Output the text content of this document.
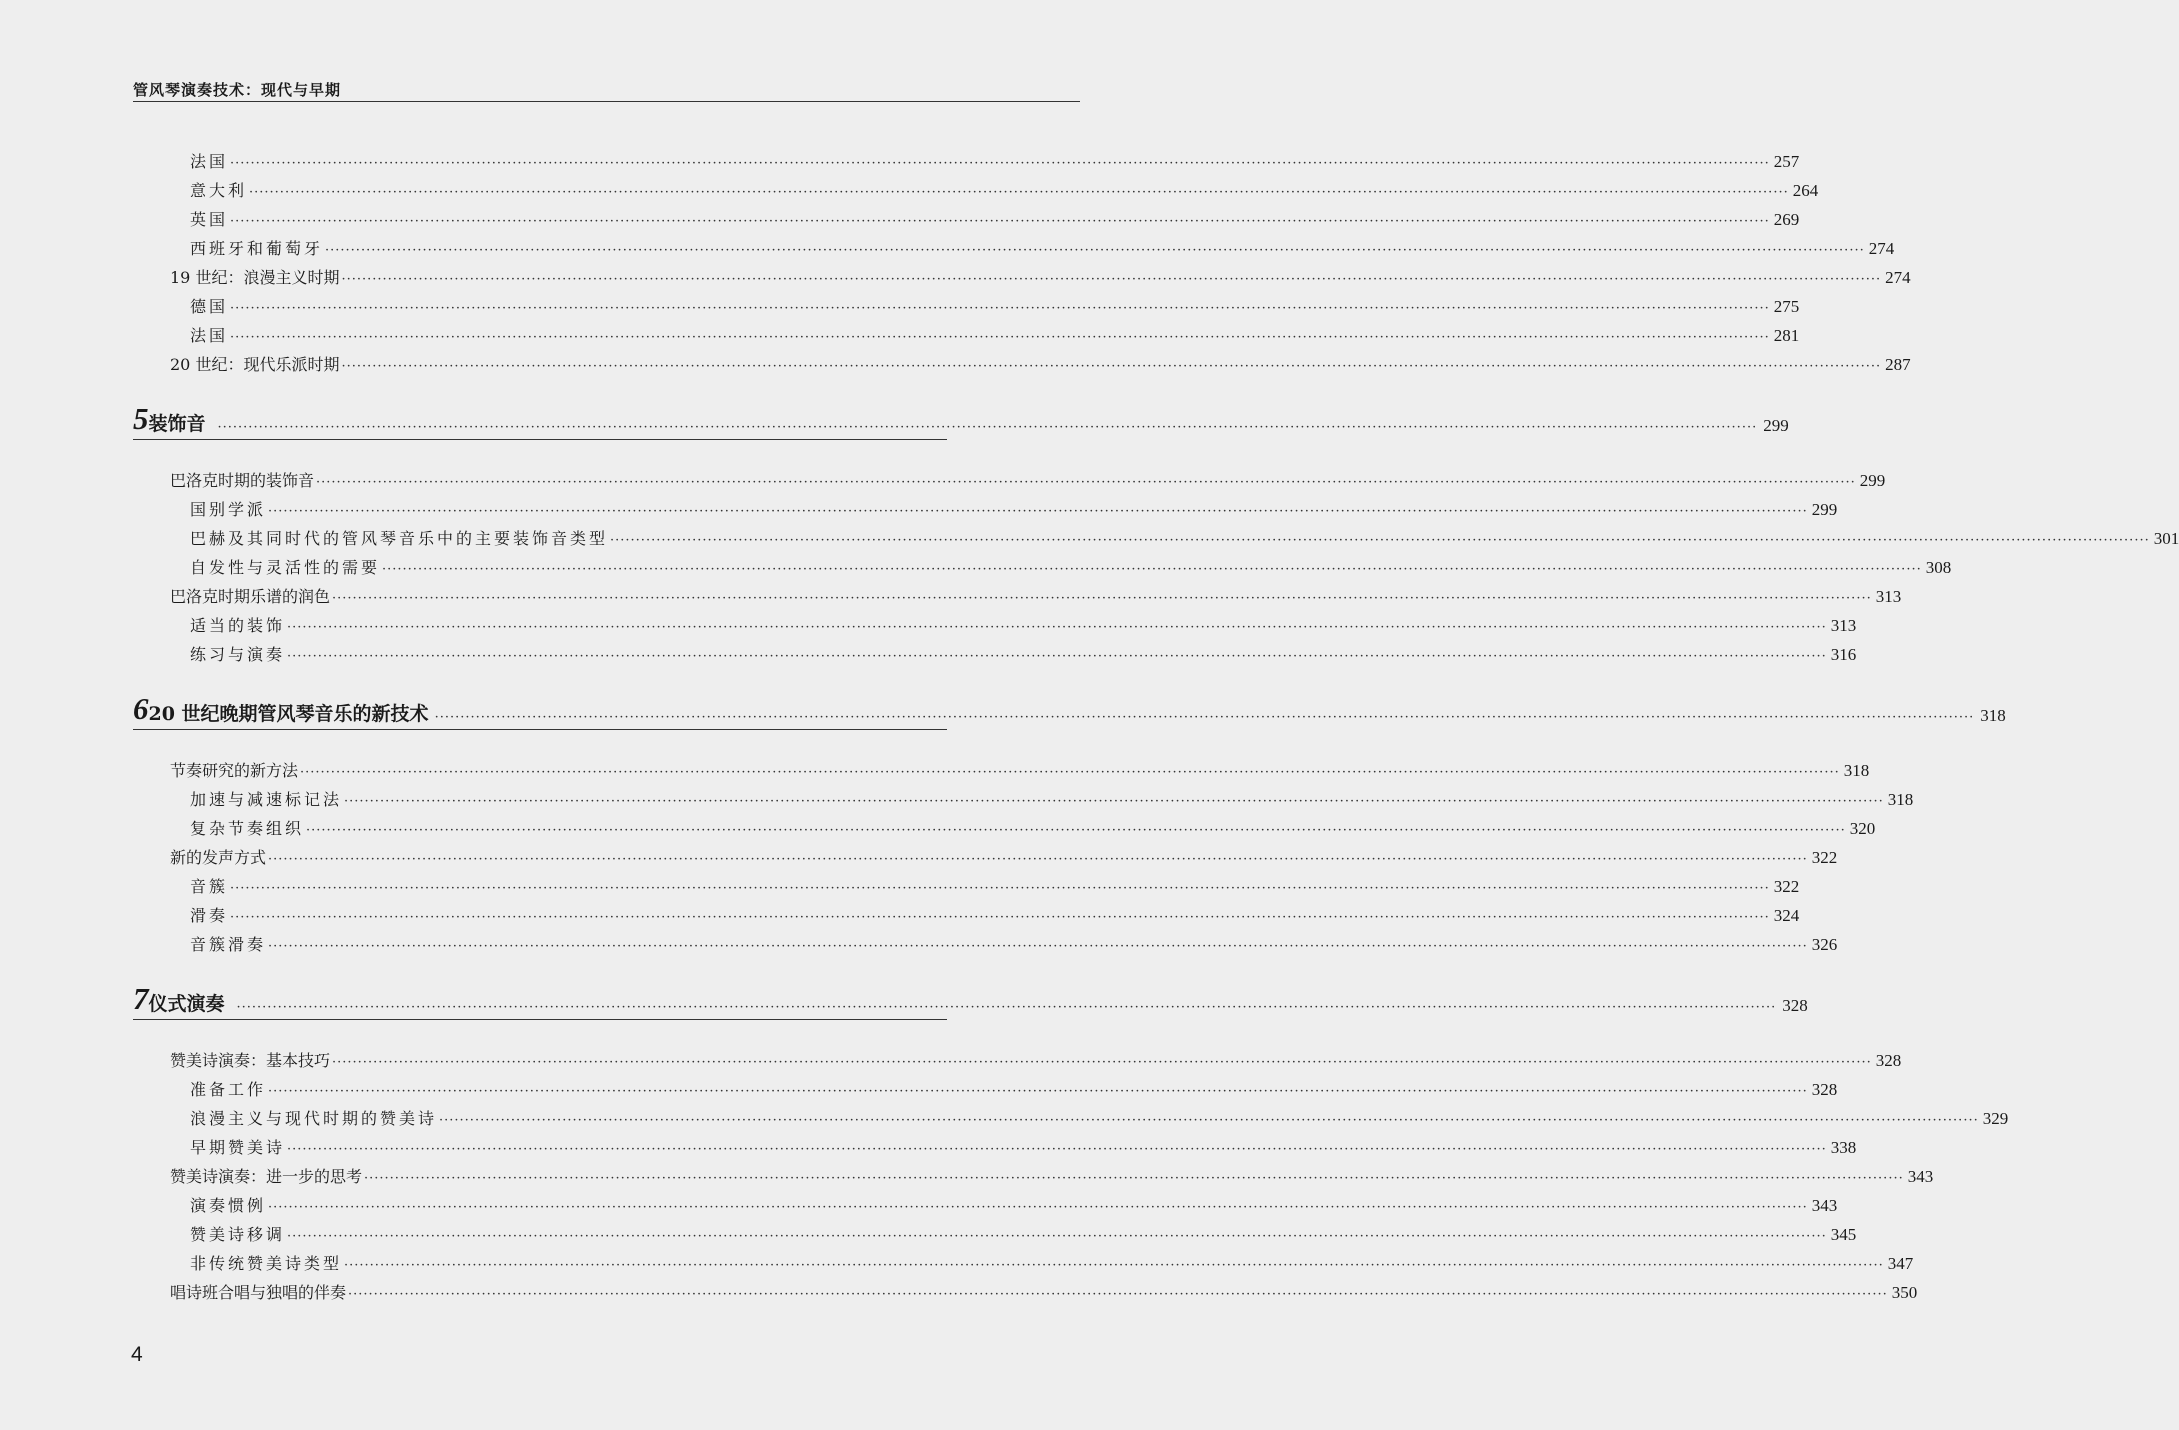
管风琴演奏技术：现代与早期
法国 ············································································································································································································································································································ 257
意大利 ············································································································································································································································································································ 264
英国 ············································································································································································································································································································ 269
西班牙和葡萄牙 ············································································································································································································································································································ 274
19 世纪：浪漫主义时期 ············································································································································································································································································································ 274
德国 ············································································································································································································································································································ 275
法国 ············································································································································································································································································································ 281
20 世纪：现代乐派时期 ············································································································································································································································································································ 287
5 装饰音 ············································································································································································································································································································ 299
巴洛克时期的装饰音 ············································································································································································································································································································ 299
国别学派 ············································································································································································································································································································ 299
巴赫及其同时代的管风琴音乐中的主要装饰音类型 ············································································································································································································································································································ 301
自发性与灵活性的需要 ············································································································································································································································································································ 308
巴洛克时期乐谱的润色 ············································································································································································································································································································ 313
适当的装饰 ············································································································································································································································································································ 313
练习与演奏 ············································································································································································································································································································ 316
6 20 世纪晚期管风琴音乐的新技术 ············································································································································································································································································································ 318
节奏研究的新方法 ············································································································································································································································································································ 318
加速与减速标记法 ············································································································································································································································································································ 318
复杂节奏组织 ············································································································································································································································································································ 320
新的发声方式 ············································································································································································································································································································ 322
音簇 ············································································································································································································································································································ 322
滑奏 ············································································································································································································································································································ 324
音簇滑奏 ············································································································································································································································································································ 326
7 仪式演奏 ············································································································································································································································································································ 328
赞美诗演奏：基本技巧 ············································································································································································································································································································ 328
准备工作 ············································································································································································································································································································ 328
浪漫主义与现代时期的赞美诗 ············································································································································································································································································································ 329
早期赞美诗 ············································································································································································································································································································ 338
赞美诗演奏：进一步的思考 ············································································································································································································································································································ 343
演奏惯例 ············································································································································································································································································································ 343
赞美诗移调 ············································································································································································································································································································ 345
非传统赞美诗类型 ············································································································································································································································································································ 347
唱诗班合唱与独唱的伴奏 ············································································································································································································································································································ 350
4
